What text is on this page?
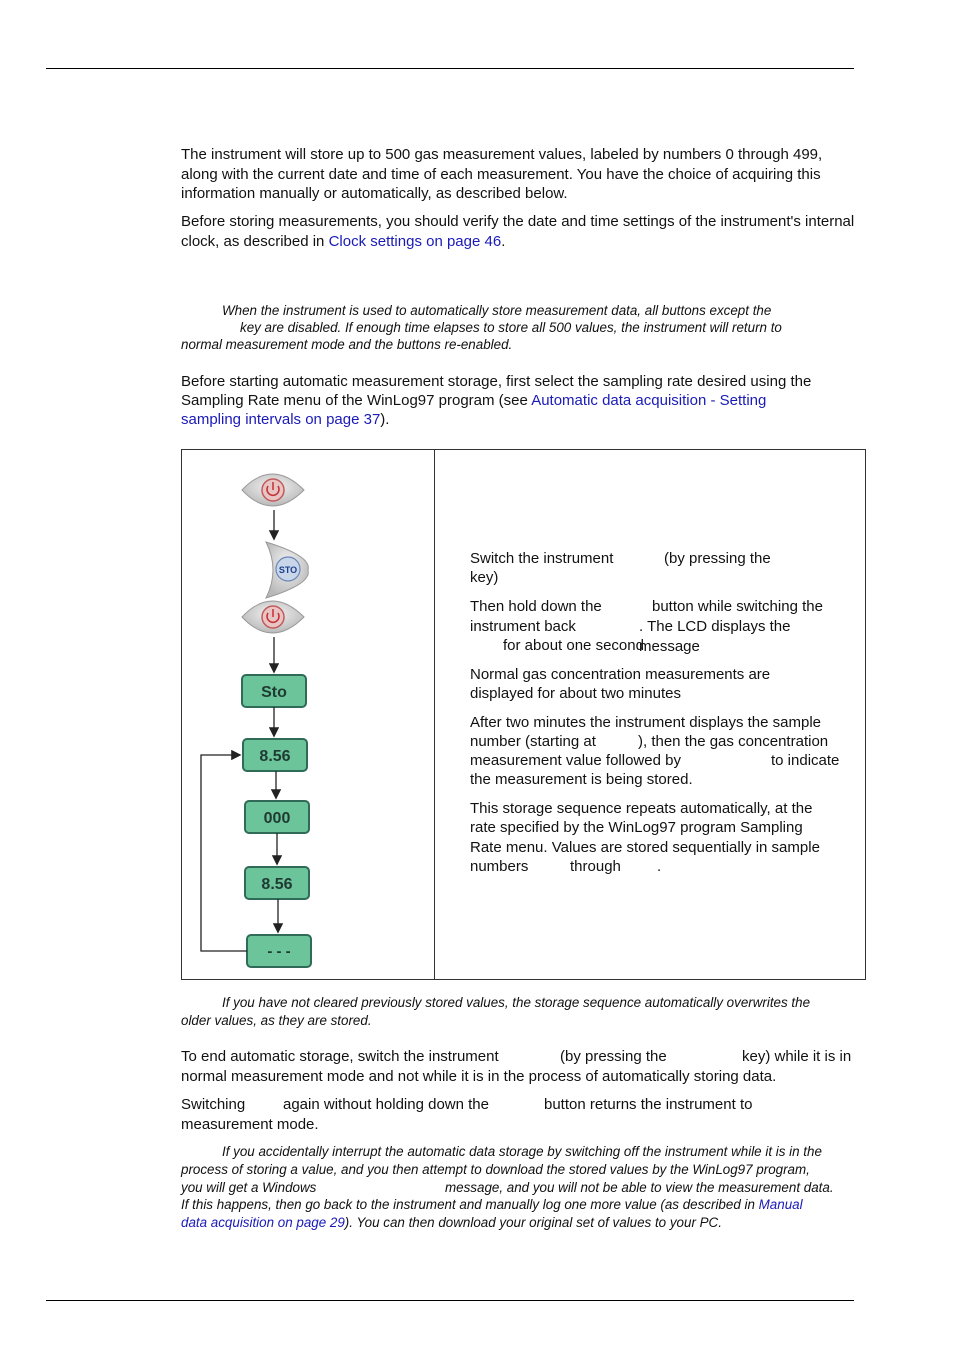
The instrument will store up to 500 gas measurement values, labeled by numbers 0 through 499, along with the current date and time of each measurement. You have the choice of acquiring this information manually or automatically, as described below.

Before storing measurements, you should verify the date and time settings of the instrument's internal clock, as described in Clock settings on page 46.

When the instrument is used to automatically store measurement data, all buttons except the

key are disabled. If enough time elapses to store all 500 values, the instrument will return to

normal measurement mode and the buttons re-enabled.

Before starting automatic measurement storage, first select the sampling rate desired using the

Sampling Rate menu of the WinLog97 program (see Automatic data acquisition - Setting

sampling intervals on page 37).

STO
Sto
8.56
000
8.56
- - -

Switch the instrument	(by pressing the

key)

Then hold down the	button while switching the

instrument back	. The LCD displays the message

for about one second

Normal gas concentration measurements are

displayed for about two minutes

After two minutes the instrument displays the sample

number (starting at	), then the gas concentration

measurement value followed by	to indicate

the measurement is being stored.

This storage sequence repeats automatically, at the

rate specified by the WinLog97 program Sampling

Rate menu. Values are stored sequentially in sample

numbers	through .

If you have not cleared previously stored values, the storage sequence automatically overwrites the

older values, as they are stored.

To end automatic storage, switch the instrument	(by pressing the	key) while it is in

normal measurement mode and not while it is in the process of automatically storing data.

Switching	again without holding down the	button returns the instrument to

measurement mode.

If you accidentally interrupt the automatic data storage by switching off the instrument while it is in the

process of storing a value, and you then attempt to download the stored values by the WinLog97 program,

you will get a Windows	message, and you will not be able to view the measurement data.

If this happens, then go back to the instrument and manually log one more value (as described in Manual

data acquisition on page 29). You can then download your original set of values to your PC.
